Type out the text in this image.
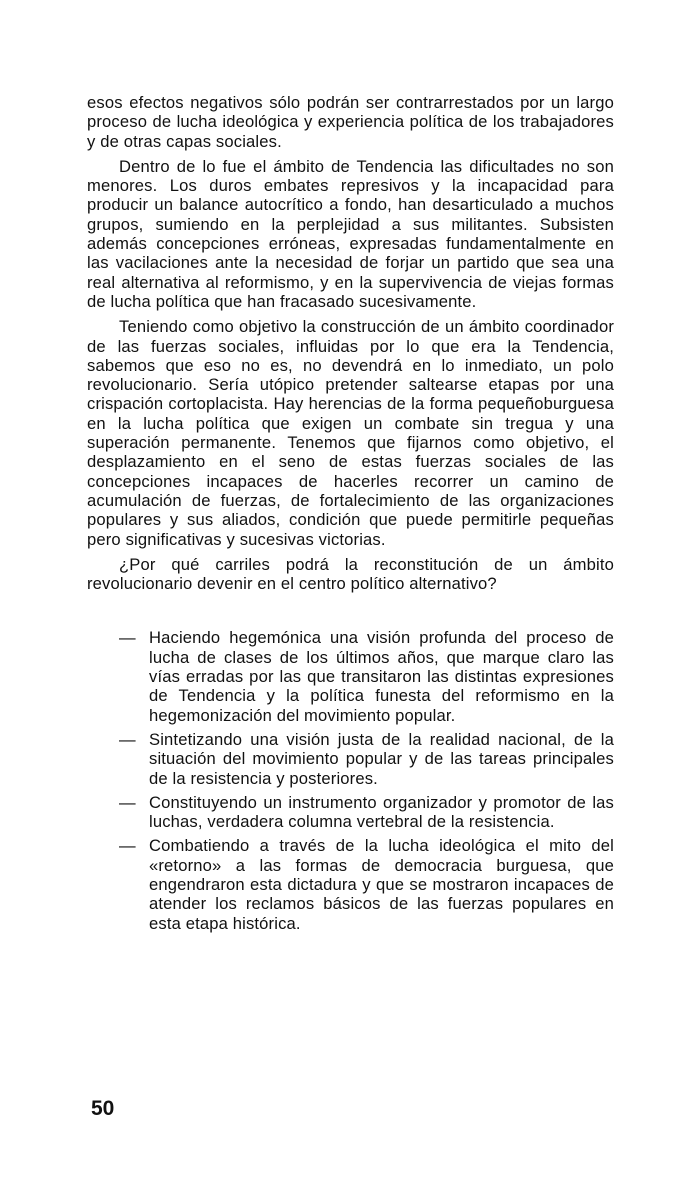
esos efectos negativos sólo podrán ser contrarrestados por un largo proceso de lucha ideológica y experiencia política de los trabajadores y de otras capas sociales.

Dentro de lo fue el ámbito de Tendencia las dificultades no son menores. Los duros embates represivos y la incapacidad para producir un balance autocrítico a fondo, han desarticulado a muchos grupos, sumiendo en la perplejidad a sus militantes. Subsisten además concepciones erróneas, expresadas fundamentalmente en las vacilaciones ante la necesidad de forjar un partido que sea una real alternativa al reformismo, y en la supervivencia de viejas formas de lucha política que han fracasado sucesivamente.

Teniendo como objetivo la construcción de un ámbito coordinador de las fuerzas sociales, influidas por lo que era la Tendencia, sabemos que eso no es, no devendrá en lo inmediato, un polo revolucionario. Sería utópico pretender saltearse etapas por una crispación cortoplacista. Hay herencias de la forma pequeñoburguesa en la lucha política que exigen un combate sin tregua y una superación permanente. Tenemos que fijarnos como objetivo, el desplazamiento en el seno de estas fuerzas sociales de las concepciones incapaces de hacerles recorrer un camino de acumulación de fuerzas, de fortalecimiento de las organizaciones populares y sus aliados, condición que puede permitirle pequeñas pero significativas y sucesivas victorias.

¿Por qué carriles podrá la reconstitución de un ámbito revolucionario devenir en el centro político alternativo?

— Haciendo hegemónica una visión profunda del proceso de lucha de clases de los últimos años, que marque claro las vías erradas por las que transitaron las distintas expresiones de Tendencia y la política funesta del reformismo en la hegemonización del movimiento popular.
— Sintetizando una visión justa de la realidad nacional, de la situación del movimiento popular y de las tareas principales de la resistencia y posteriores.
— Constituyendo un instrumento organizador y promotor de las luchas, verdadera columna vertebral de la resistencia.
— Combatiendo a través de la lucha ideológica el mito del «retorno» a las formas de democracia burguesa, que engendraron esta dictadura y que se mostraron incapaces de atender los reclamos básicos de las fuerzas populares en esta etapa histórica.
50
